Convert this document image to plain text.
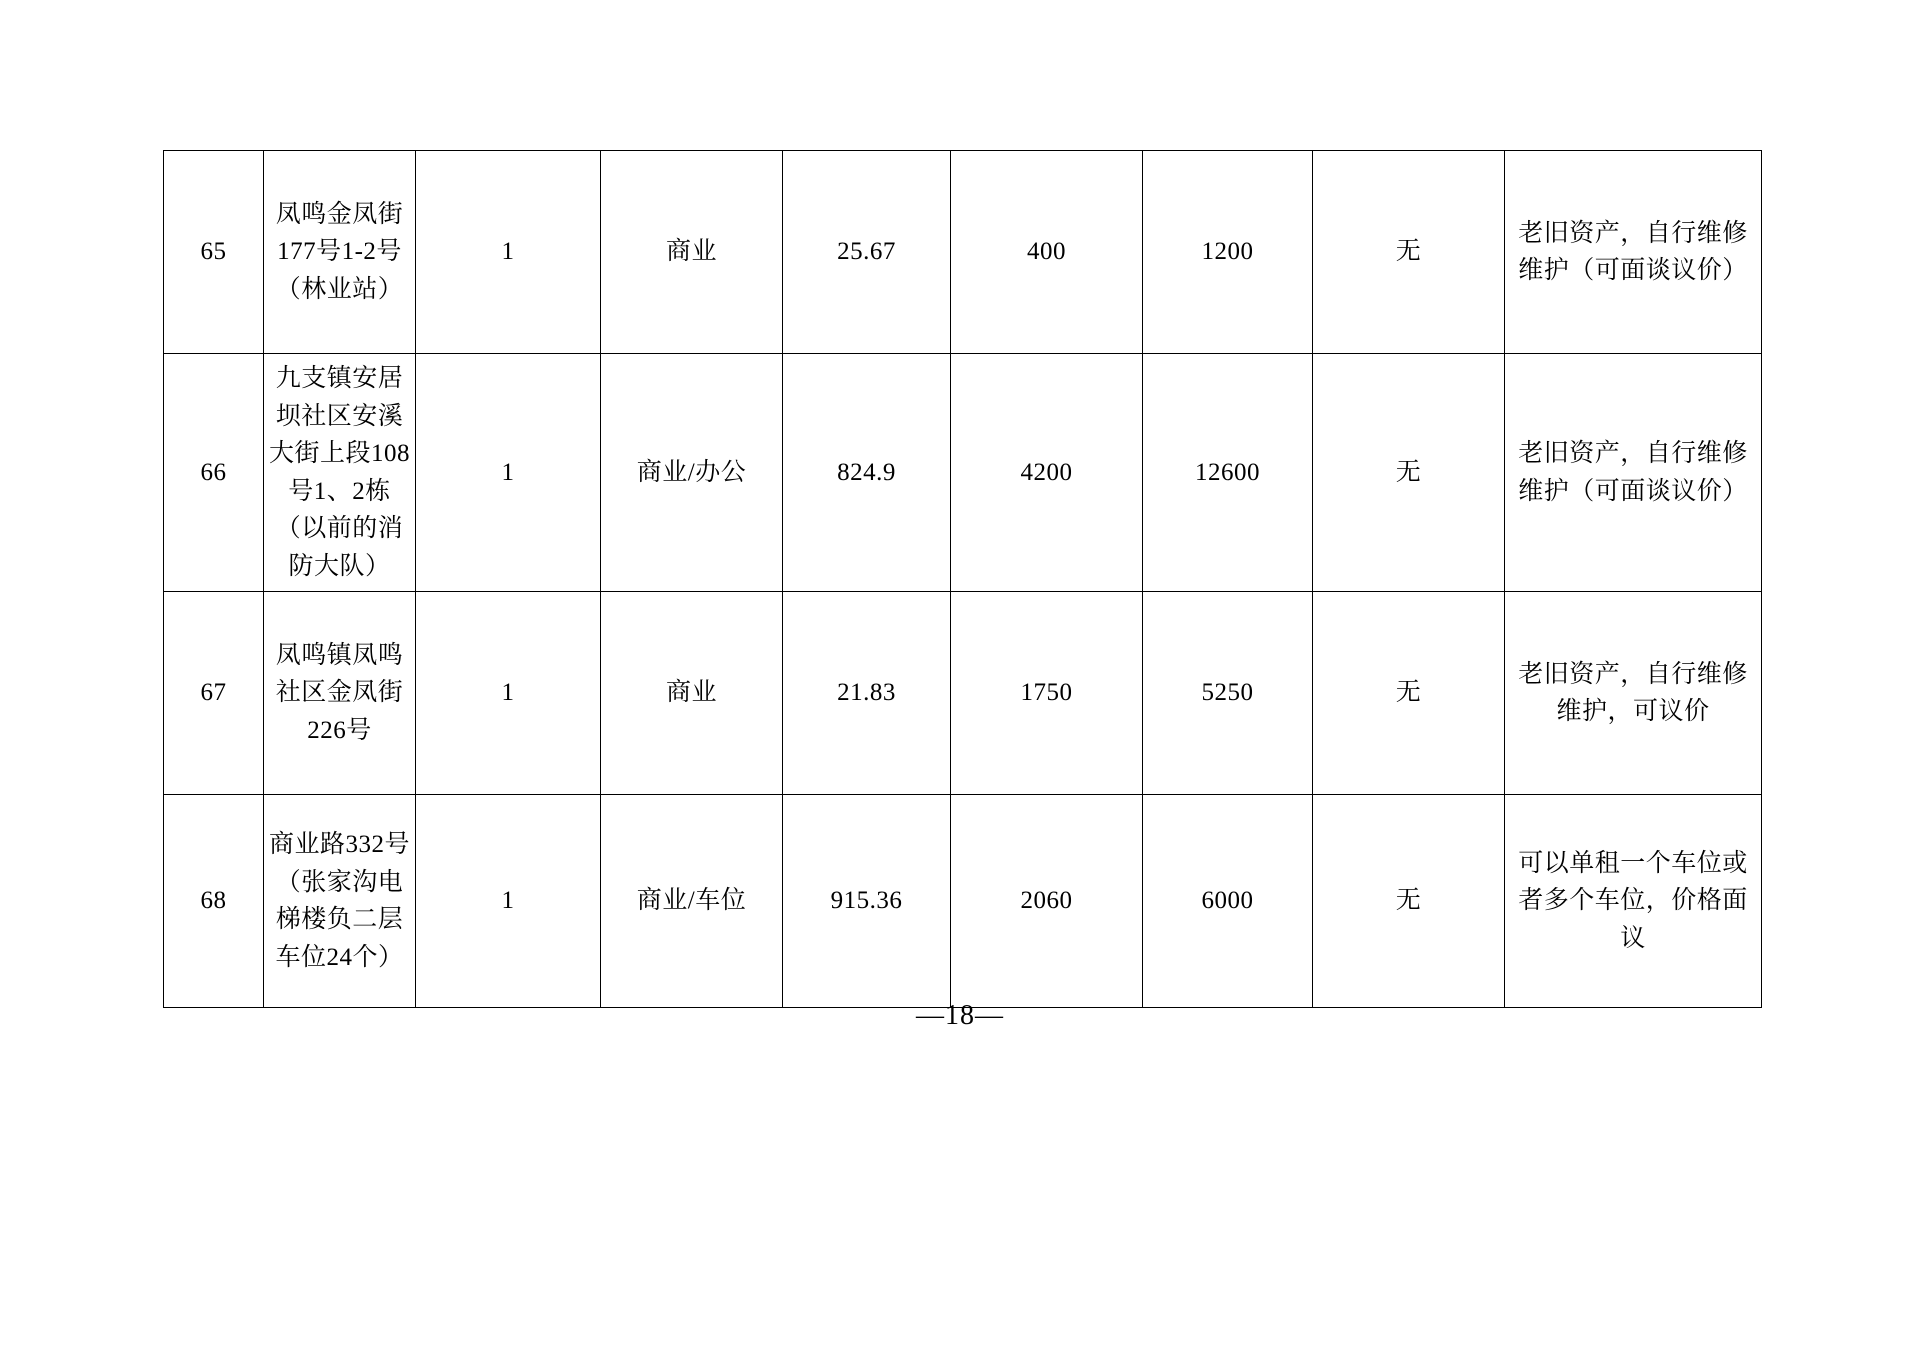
65	凤鸣金凤街177号1-2号（林业站）	1	商业	25.67	400	1200	无	老旧资产，自行维修维护（可面谈议价）
66	九支镇安居坝社区安溪大街上段108号1、2栋（以前的消防大队）	1	商业/办公	824.9	4200	12600	无	老旧资产，自行维修维护（可面谈议价）
67	凤鸣镇凤鸣社区金凤街226号	1	商业	21.83	1750	5250	无	老旧资产，自行维修维护，可议价
68	商业路332号（张家沟电梯楼负二层车位24个）	1	商业/车位	915.36	2060	6000	无	可以单租一个车位或者多个车位，价格面议
—18—
